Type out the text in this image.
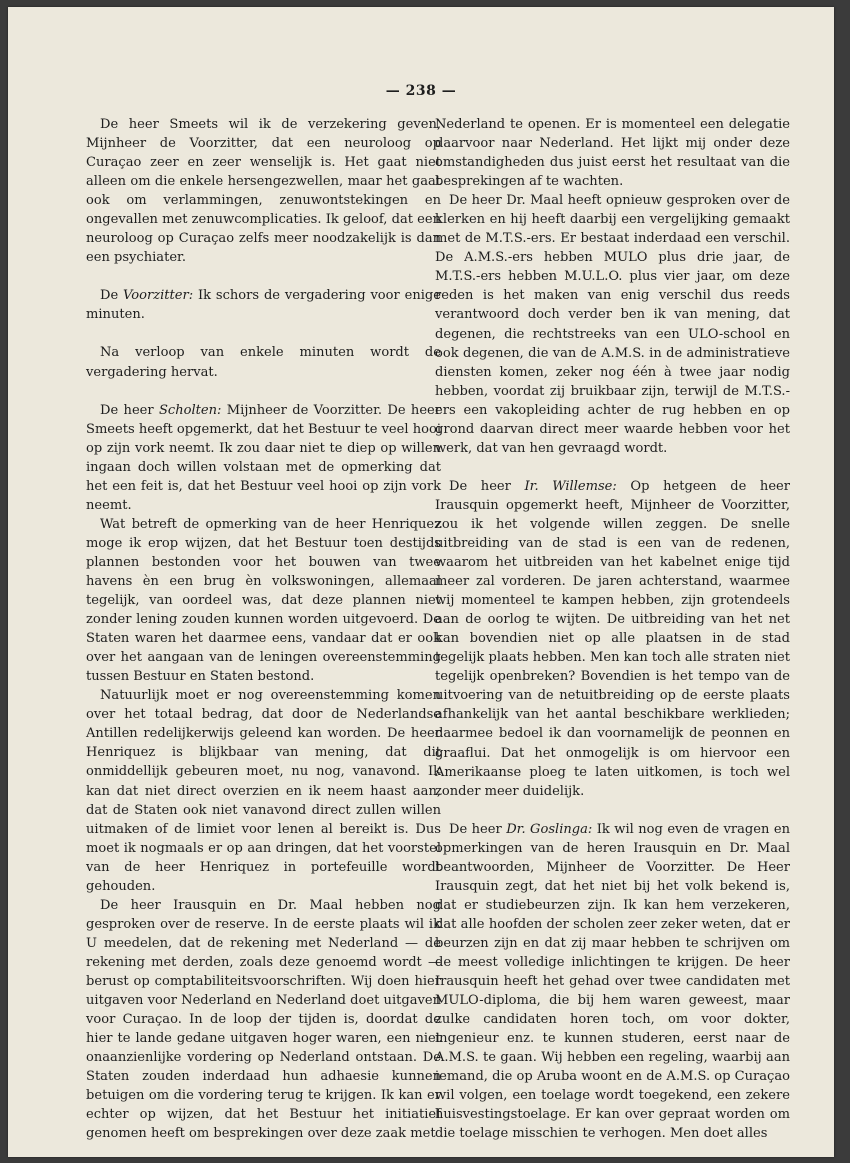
— 238 —

De heer Smeets wil ik de verzekering geven, Mijnheer de Voorzitter, dat een neuroloog op Curaçao zeer en zeer wenselijk is. Het gaat niet alleen om die enkele hersengezwellen, maar het gaat ook om verlammingen, zenuwontstekingen en ongevallen met zenuwcomplicaties. Ik geloof, dat een neuroloog op Curaçao zelfs meer noodzakelijk is dan een psychiater.

De Voorzitter: Ik schors de vergadering voor enige minuten.

Na verloop van enkele minuten wordt de vergadering hervat.

De heer Scholten: Mijnheer de Voorzitter. De heer Smeets heeft opgemerkt, dat het Bestuur te veel hooi op zijn vork neemt. Ik zou daar niet te diep op willen ingaan doch willen volstaan met de opmerking dat het een feit is, dat het Bestuur veel hooi op zijn vork neemt.

Wat betreft de opmerking van de heer Henriquez moge ik erop wijzen, dat het Bestuur toen destijds plannen bestonden voor het bouwen van twee havens èn een brug èn volkswoningen, allemaal tegelijk, van oordeel was, dat deze plannen niet zonder lening zouden kunnen worden uitgevoerd. De Staten waren het daarmee eens, vandaar dat er ook over het aangaan van de leningen overeenstemming tussen Bestuur en Staten bestond.

Natuurlijk moet er nog overeenstemming komen over het totaal bedrag, dat door de Nederlandse Antillen redelijkerwijs geleend kan worden. De heer Henriquez is blijkbaar van mening, dat dit onmiddellijk gebeuren moet, nu nog, vanavond. Ik kan dat niet direct overzien en ik neem haast aan, dat de Staten ook niet vanavond direct zullen willen uitmaken of de limiet voor lenen al bereikt is. Dus moet ik nogmaals er op aan dringen, dat het voorstel van de heer Henriquez in portefeuille wordt gehouden.

De heer Irausquin en Dr. Maal hebben nog gesproken over de reserve. In de eerste plaats wil ik U meedelen, dat de rekening met Nederland — de rekening met derden, zoals deze genoemd wordt — berust op comptabiliteitsvoorschriften. Wij doen hier uitgaven voor Nederland en Nederland doet uitgaven voor Curaçao. In de loop der tijden is, doordat de hier te lande gedane uitgaven hoger waren, een niet onaanzienlijke vordering op Nederland ontstaan. De Staten zouden inderdaad hun adhaesie kunnen betuigen om die vordering terug te krijgen. Ik kan er echter op wijzen, dat het Bestuur het initiatief genomen heeft om besprekingen over deze zaak met

Nederland te openen. Er is momenteel een delegatie daarvoor naar Nederland. Het lijkt mij onder deze omstandigheden dus juist eerst het resultaat van die besprekingen af te wachten.

De heer Dr. Maal heeft opnieuw gesproken over de klerken en hij heeft daarbij een vergelijking gemaakt met de M.T.S.-ers. Er bestaat inderdaad een verschil. De A.M.S.-ers hebben MULO plus drie jaar, de M.T.S.-ers hebben M.U.L.O. plus vier jaar, om deze reden is het maken van enig verschil dus reeds verantwoord doch verder ben ik van mening, dat degenen, die rechtstreeks van een ULO-school en ook degenen, die van de A.M.S. in de administratieve diensten komen, zeker nog één à twee jaar nodig hebben, voordat zij bruikbaar zijn, terwijl de M.T.S.-ers een vakopleiding achter de rug hebben en op grond daarvan direct meer waarde hebben voor het werk, dat van hen gevraagd wordt.

De heer Ir. Willemse: Op hetgeen de heer Irausquin opgemerkt heeft, Mijnheer de Voorzitter, zou ik het volgende willen zeggen. De snelle uitbreiding van de stad is een van de redenen, waarom het uitbreiden van het kabelnet enige tijd meer zal vorderen. De jaren achterstand, waarmee wij momenteel te kampen hebben, zijn grotendeels aan de oorlog te wijten. De uitbreiding van het net kan bovendien niet op alle plaatsen in de stad tegelijk plaats hebben. Men kan toch alle straten niet tegelijk openbreken? Bovendien is het tempo van de uitvoering van de netuitbreiding op de eerste plaats afhankelijk van het aantal beschikbare werklieden; daarmee bedoel ik dan voornamelijk de peonnen en graaflui. Dat het onmogelijk is om hiervoor een Amerikaanse ploeg te laten uitkomen, is toch wel zonder meer duidelijk.

De heer Dr. Goslinga: Ik wil nog even de vragen en opmerkingen van de heren Irausquin en Dr. Maal beantwoorden, Mijnheer de Voorzitter. De Heer Irausquin zegt, dat het niet bij het volk bekend is, dat er studiebeurzen zijn. Ik kan hem verzekeren, dat alle hoofden der scholen zeer zeker weten, dat er beurzen zijn en dat zij maar hebben te schrijven om de meest volledige inlichtingen te krijgen. De heer Irausquin heeft het gehad over twee candidaten met MULO-diploma, die bij hem waren geweest, maar zulke candidaten horen toch, om voor dokter, ingenieur enz. te kunnen studeren, eerst naar de A.M.S. te gaan. Wij hebben een regeling, waarbij aan iemand, die op Aruba woont en de A.M.S. op Curaçao wil volgen, een toelage wordt toegekend, een zekere huisvestingstoelage. Er kan over gepraat worden om die toelage misschien te verhogen. Men doet alles
